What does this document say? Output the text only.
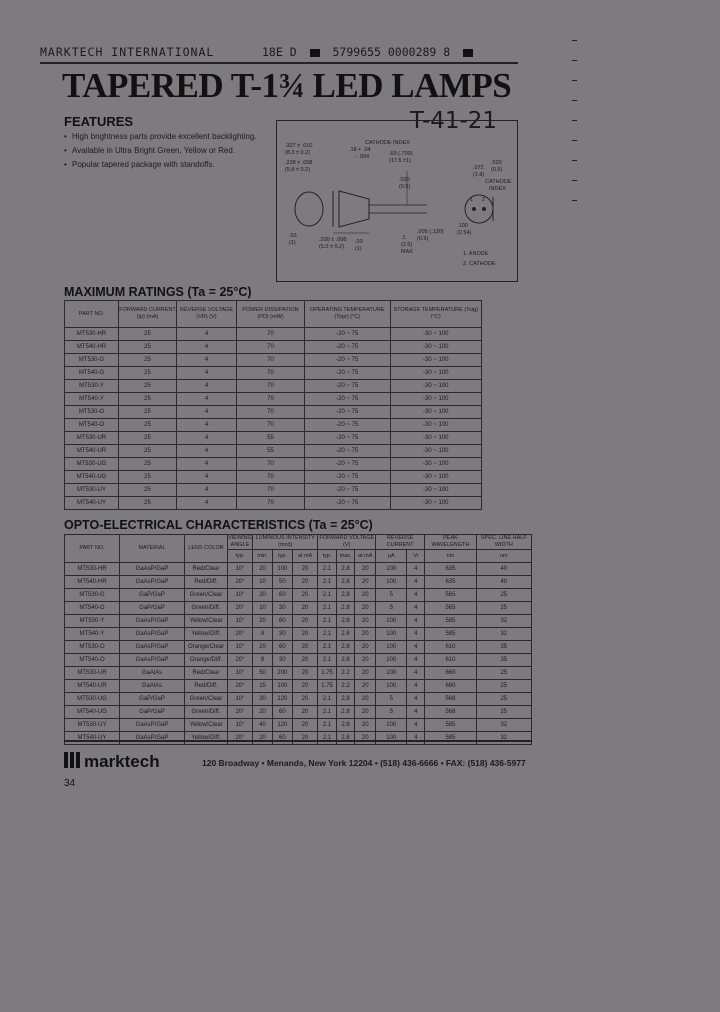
MARKTECH INTERNATIONAL	18E D	5799655 0000289 8
TAPERED T-1¾ LED LAMPS
T-41-21
FEATURES
• High brightness parts provide excellent backlighting.
• Available in Ultra Bright Green, Yellow or Red.
• Popular tapered package with standoffs.
.327 ± .010
(8.3 ± 0.2)
.228 ± .008
(5.8 ± 0.2)
.18 + .04
- .004
CATHODE INDEX
.69 (.700)
(17.5 ±1)
.020
(0.5)
.200 ± .008
(5.0 ± 0.2)
.03
(1)	.03
(1)
.1
(2.5)
MAX
.005 (.130)
(0.5)
.100
(2.54)
.072
(1.8)
.020
(0.5)
CATHODE
INDEX
1 2
1. ANODE
2. CATHODE
MAXIMUM RATINGS (Ta = 25°C)
PART NO.	FORWARD CURRENT (Ip) (mA)	REVERSE VOLTAGE (VR) (V)	POWER DISSIPATION (PD) (mW)	OPERATING TEMPERATURE (Topr) (°C)	STORAGE TEMPERATURE (Tstg) (°C)
MT530-HR	25	4	70	-20 ~ 75	-30 ~ 100
MT540-HR	25	4	70	-20 ~ 75	-30 ~ 100
MT530-G	25	4	70	-20 ~ 75	-30 ~ 100
MT540-G	25	4	70	-20 ~ 75	-30 ~ 100
MT530-Y	25	4	70	-20 ~ 75	-30 ~ 100
MT540-Y	25	4	70	-20 ~ 75	-30 ~ 100
MT530-O	25	4	70	-20 ~ 75	-30 ~ 100
MT540-O	25	4	70	-20 ~ 75	-30 ~ 100
MT530-UR	25	4	55	-20 ~ 75	-30 ~ 100
MT540-UR	25	4	55	-20 ~ 75	-30 ~ 100
MT530-UG	25	4	70	-20 ~ 75	-30 ~ 100
MT540-UG	25	4	70	-20 ~ 75	-30 ~ 100
MT530-UY	25	4	70	-20 ~ 75	-30 ~ 100
MT540-UY	25	4	70	-20 ~ 75	-30 ~ 100
OPTO-ELECTRICAL CHARACTERISTICS (Ta = 25°C)
PART NO.	MATERIAL	LENS COLOR	VIEWING ANGLE	LUMINOUS INTENSITY (mcd)			FORWARD VOLTAGE (V)			REVERSE CURRENT		PEAK WAVELENGTH	SPEC. LINE HALF WIDTH
			typ.	min.	typ.	at mA	typ.	max.	at mA	μA	Vr	nm	nm
MT530-HR	GaAsP/GaP	Red/Clear	10°	20	100	20	2.1	2.8	20	100	4	635	40
MT540-HR	GaAsP/GaP	Red/Diff.	20°	10	50	20	2.1	2.8	20	100	4	635	40
MT530-G	GaP/GaP	Green/Clear	10°	20	60	20	2.1	2.8	20	5	4	565	25
MT540-G	GaP/GaP	Green/Diff.	20°	10	30	20	2.1	2.8	20	5	4	565	25
MT530-Y	GaAsP/GaP	Yellow/Clear	10°	20	60	20	2.1	2.8	20	100	4	585	32
MT540-Y	GaAsP/GaP	Yellow/Diff.	20°	8	30	20	2.1	2.8	20	100	4	585	32
MT530-O	GaAsP/GaP	Orange/Clear	10°	20	60	20	2.1	2.8	20	100	4	610	35
MT540-O	GaAsP/GaP	Orange/Diff.	20°	8	30	20	2.1	2.8	20	100	4	610	35
MT530-UR	GaAlAs	Red/Clear	10°	50	200	20	1.75	2.2	20	100	4	660	25
MT540-UR	GaAlAs	Red/Diff.	20°	15	100	20	1.75	2.2	20	100	4	660	25
MT530-UG	GaP/GaP	Green/Clear	10°	30	120	20	2.1	2.8	20	5	4	568	25
MT540-UG	GaP/GaP	Green/Diff.	20°	20	60	20	2.1	2.8	20	5	4	568	25
MT530-UY	GaAsP/GaP	Yellow/Clear	10°	40	120	20	2.1	2.8	20	100	4	585	32
MT540-UY	GaAsP/GaP	Yellow/Diff.	20°	20	60	20	2.1	2.8	20	100	4	585	32
marktech	120 Broadway • Menands, New York 12204 • (518) 436-6666 • FAX: (518) 436-5977
34
